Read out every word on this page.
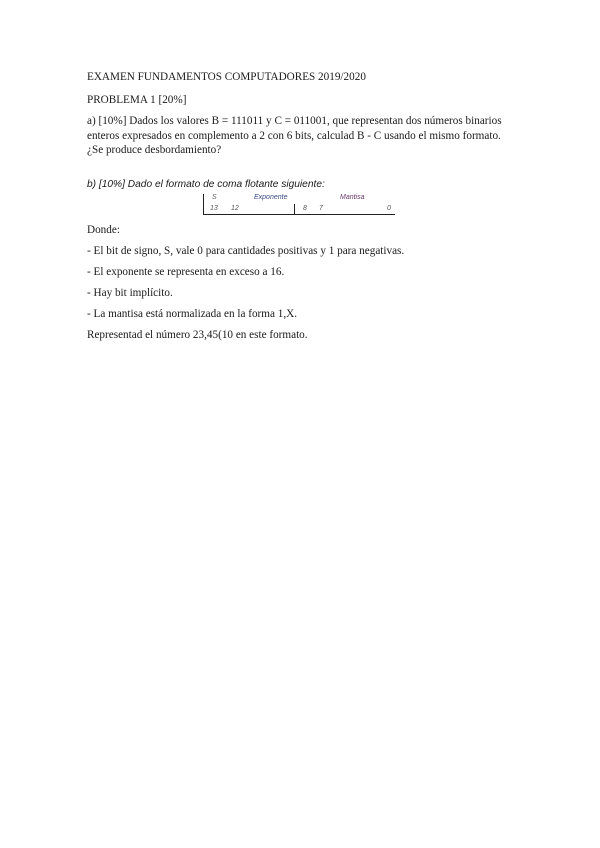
EXAMEN FUNDAMENTOS COMPUTADORES 2019/2020
PROBLEMA 1 [20%]
a) [10%] Dados los valores B = 111011 y C = 011001, que representan dos números binarios enteros expresados en complemento a 2 con 6 bits, calculad B - C usando el mismo formato. ¿Se produce desbordamiento?
b) [10%] Dado el formato de coma flotante siguiente:
S	Exponente	Mantisa
13 12	8 7	0
Donde:
- El bit de signo, S, vale 0 para cantidades positivas y 1 para negativas.
- El exponente se representa en exceso a 16.
- Hay bit implícito.
- La mantisa está normalizada en la forma 1,X.
Representad el número 23,45(10 en este formato.
